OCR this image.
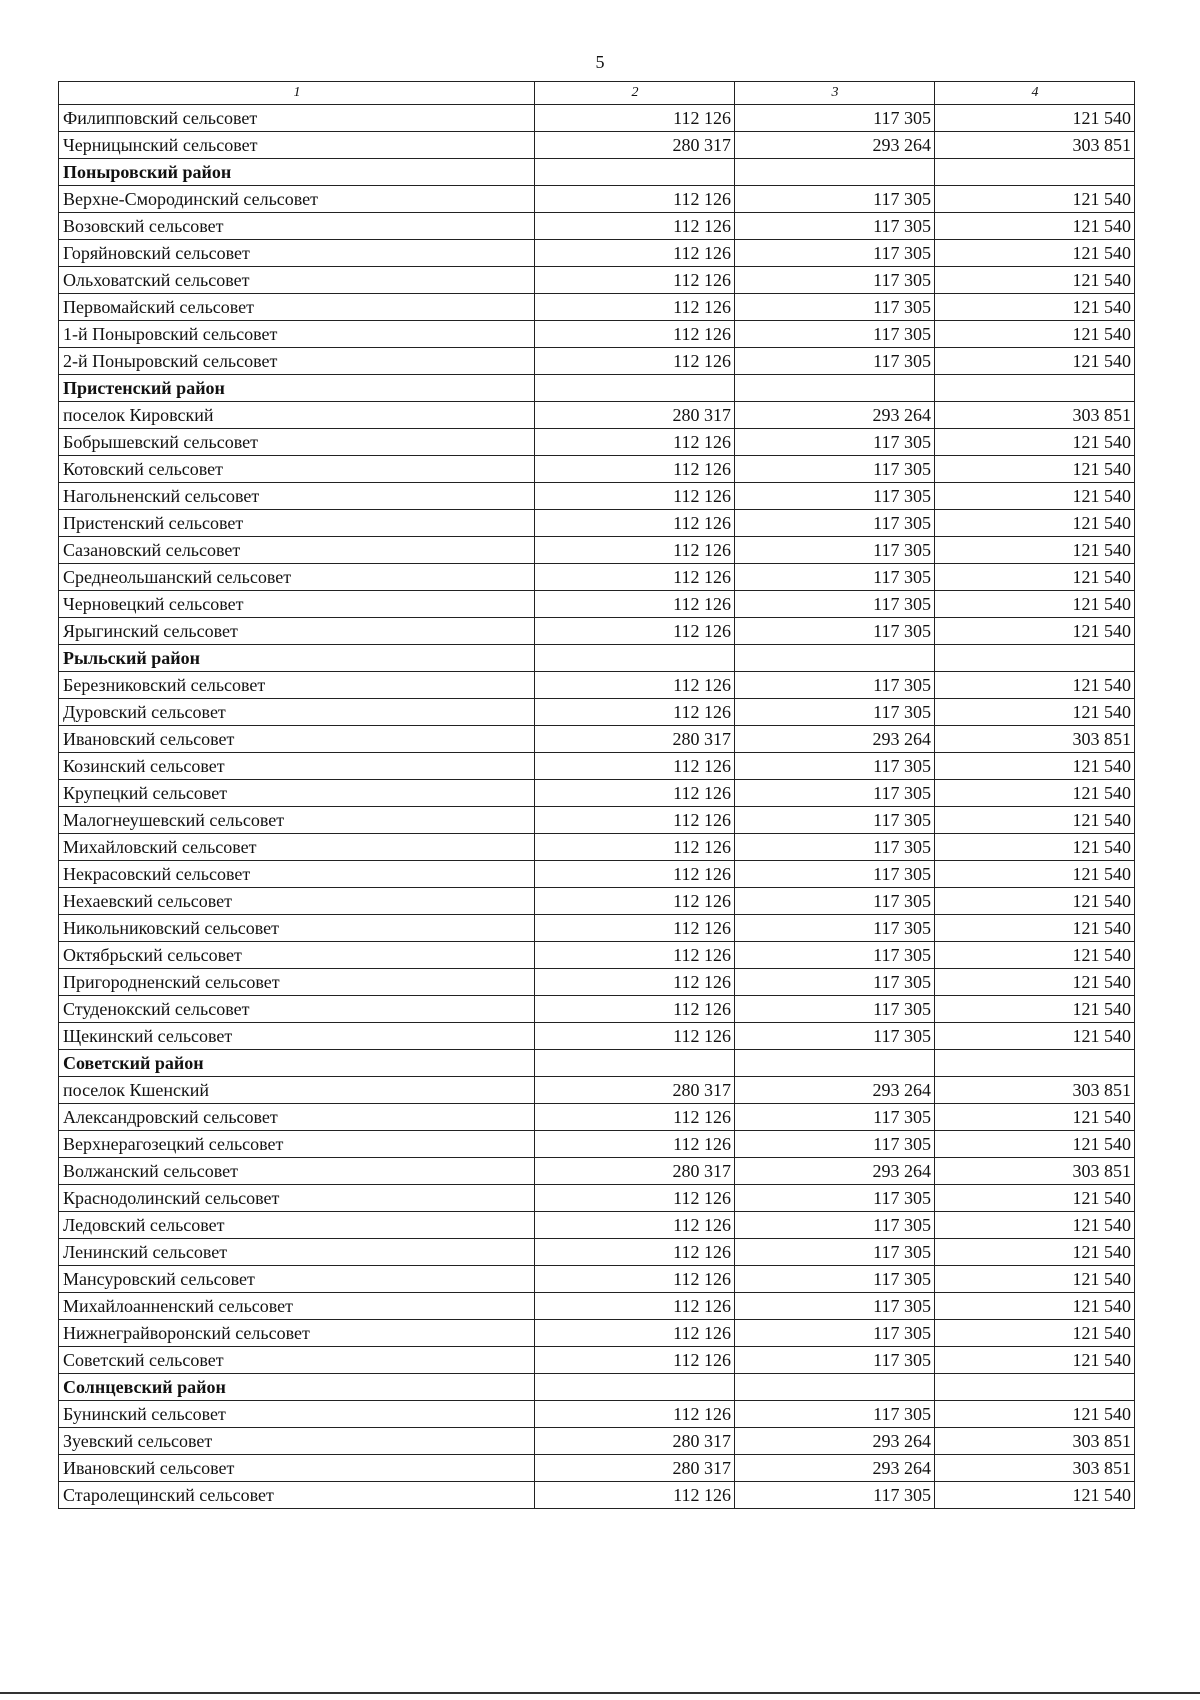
5
1	2	3	4
Филипповский сельсовет	112 126	117 305	121 540
Черницынский сельсовет	280 317	293 264	303 851
Поныровский район			
Верхне-Смородинский сельсовет	112 126	117 305	121 540
Возовский сельсовет	112 126	117 305	121 540
Горяйновский сельсовет	112 126	117 305	121 540
Ольховатский сельсовет	112 126	117 305	121 540
Первомайский сельсовет	112 126	117 305	121 540
1-й Поныровский сельсовет	112 126	117 305	121 540
2-й Поныровский сельсовет	112 126	117 305	121 540
Пристенский район			
поселок Кировский	280 317	293 264	303 851
Бобрышевский сельсовет	112 126	117 305	121 540
Котовский сельсовет	112 126	117 305	121 540
Нагольненский сельсовет	112 126	117 305	121 540
Пристенский сельсовет	112 126	117 305	121 540
Сазановский сельсовет	112 126	117 305	121 540
Среднеольшанский сельсовет	112 126	117 305	121 540
Черновецкий сельсовет	112 126	117 305	121 540
Ярыгинский сельсовет	112 126	117 305	121 540
Рыльский район			
Березниковский сельсовет	112 126	117 305	121 540
Дуровский сельсовет	112 126	117 305	121 540
Ивановский сельсовет	280 317	293 264	303 851
Козинский сельсовет	112 126	117 305	121 540
Крупецкий сельсовет	112 126	117 305	121 540
Малогнеушевский сельсовет	112 126	117 305	121 540
Михайловский сельсовет	112 126	117 305	121 540
Некрасовский сельсовет	112 126	117 305	121 540
Нехаевский сельсовет	112 126	117 305	121 540
Никольниковский сельсовет	112 126	117 305	121 540
Октябрьский сельсовет	112 126	117 305	121 540
Пригородненский сельсовет	112 126	117 305	121 540
Студенокский сельсовет	112 126	117 305	121 540
Щекинский сельсовет	112 126	117 305	121 540
Советский район			
поселок Кшенский	280 317	293 264	303 851
Александровский сельсовет	112 126	117 305	121 540
Верхнерагозецкий сельсовет	112 126	117 305	121 540
Волжанский сельсовет	280 317	293 264	303 851
Краснодолинский сельсовет	112 126	117 305	121 540
Ледовский сельсовет	112 126	117 305	121 540
Ленинский сельсовет	112 126	117 305	121 540
Мансуровский сельсовет	112 126	117 305	121 540
Михайлоанненский сельсовет	112 126	117 305	121 540
Нижнеграйворонский сельсовет	112 126	117 305	121 540
Советский сельсовет	112 126	117 305	121 540
Солнцевский район			
Бунинский сельсовет	112 126	117 305	121 540
Зуевский сельсовет	280 317	293 264	303 851
Ивановский сельсовет	280 317	293 264	303 851
Старолещинский сельсовет	112 126	117 305	121 540
